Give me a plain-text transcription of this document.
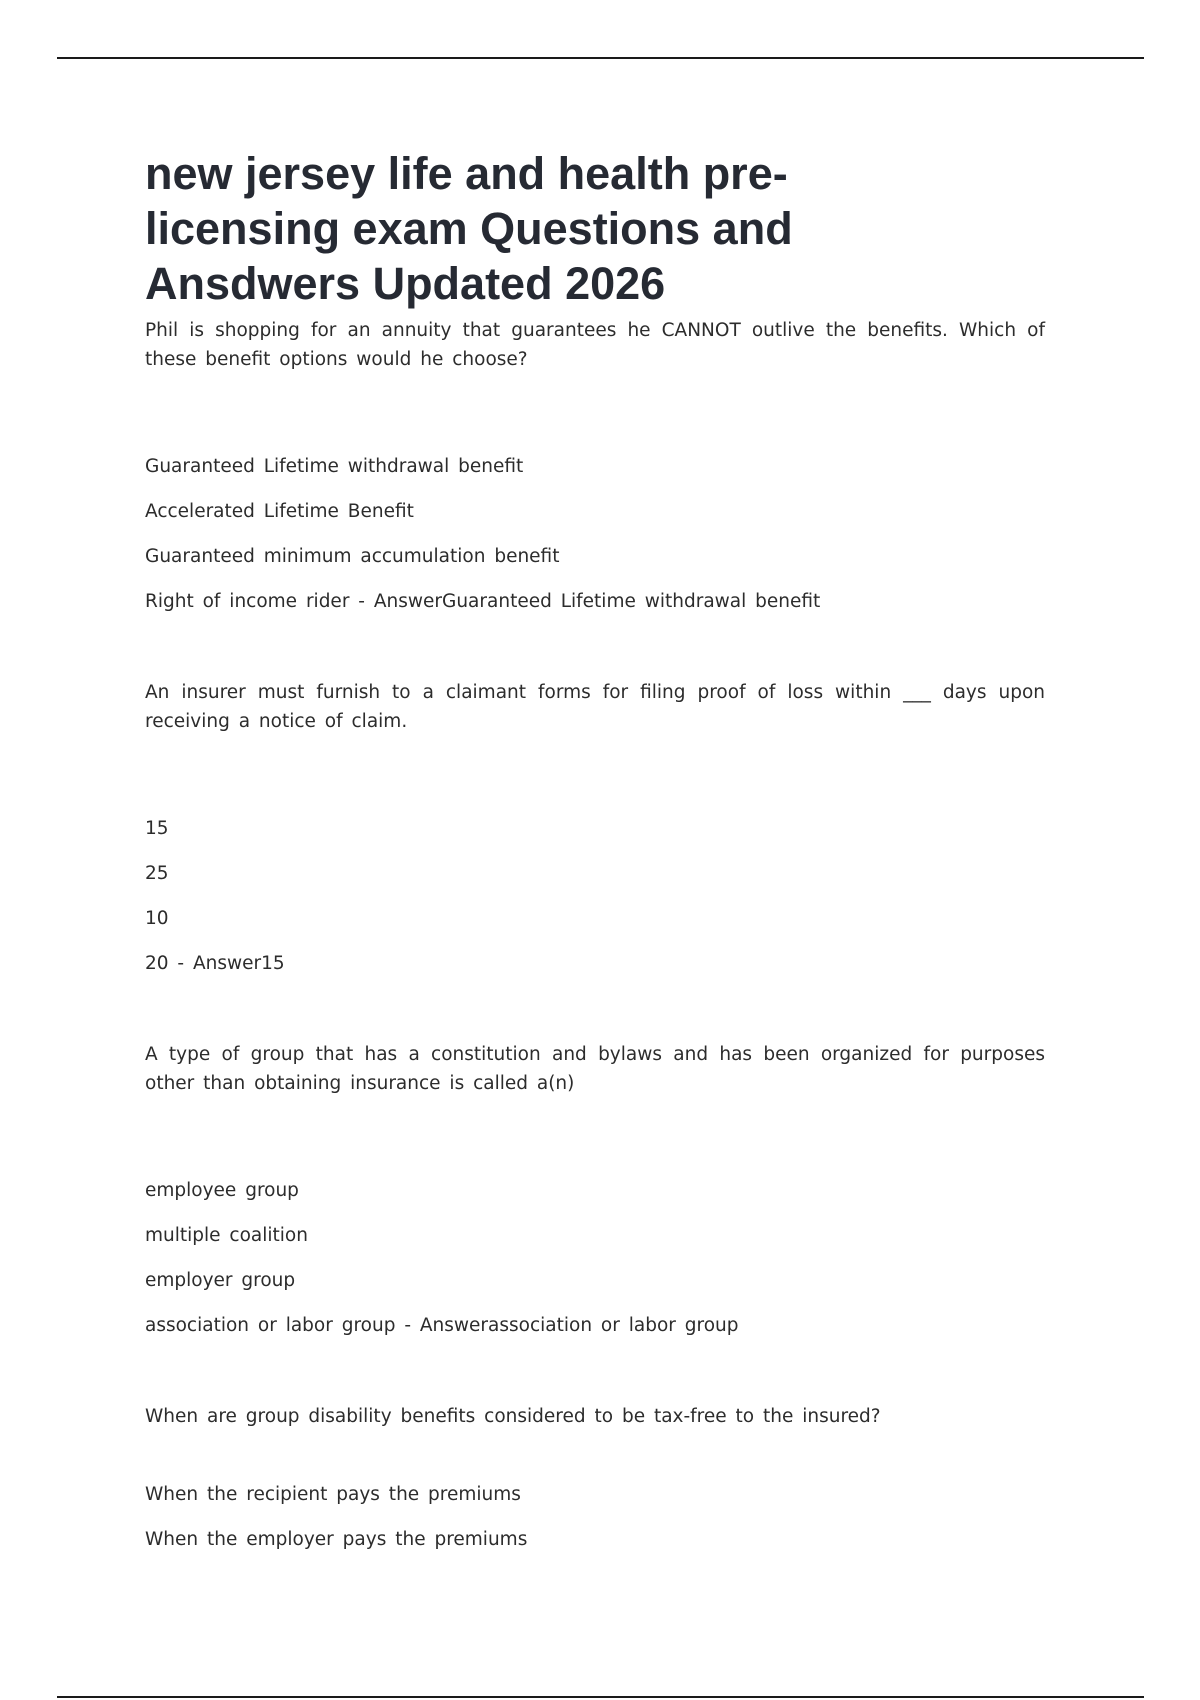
new jersey life and health pre-licensing exam Questions and Ansdwers Updated 2026

Phil is shopping for an annuity that guarantees he CANNOT outlive the benefits. Which of these benefit options would he choose?

Guaranteed Lifetime withdrawal benefit
Accelerated Lifetime Benefit
Guaranteed minimum accumulation benefit
Right of income rider - AnswerGuaranteed Lifetime withdrawal benefit

An insurer must furnish to a claimant forms for filing proof of loss within ___ days upon receiving a notice of claim.

15
25
10
20 - Answer15

A type of group that has a constitution and bylaws and has been organized for purposes other than obtaining insurance is called a(n)

employee group
multiple coalition
employer group
association or labor group - Answerassociation or labor group

When are group disability benefits considered to be tax-free to the insured?

When the recipient pays the premiums
When the employer pays the premiums
